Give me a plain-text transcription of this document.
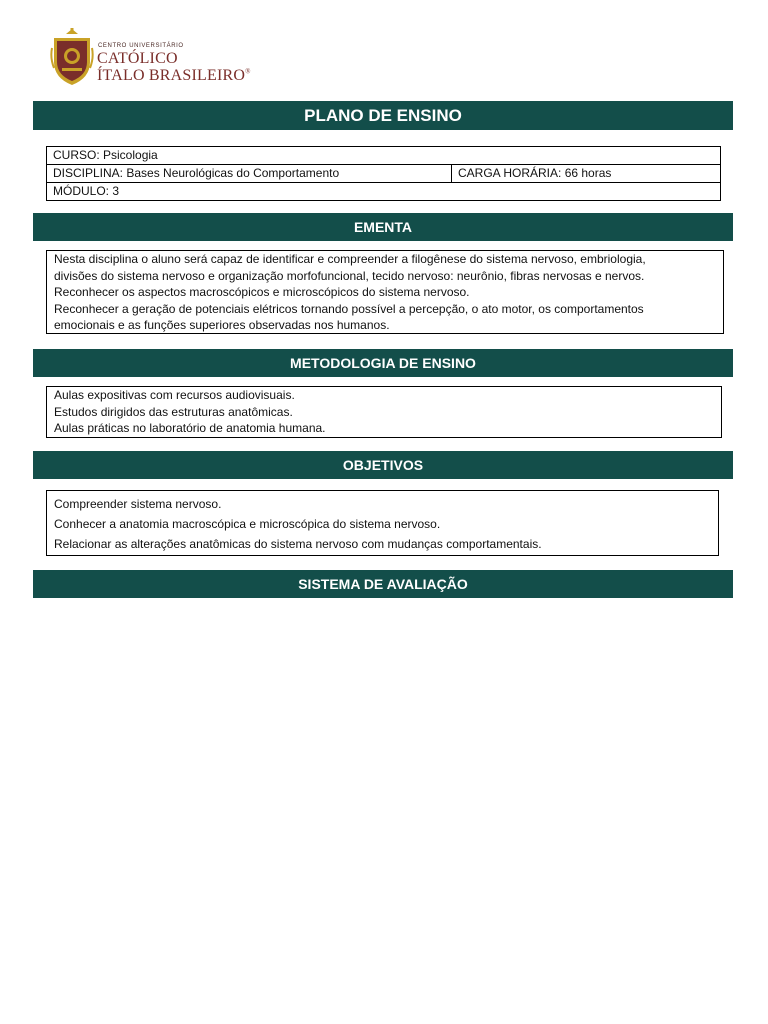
CENTRO UNIVERSITÁRIO
CATÓLICO
ÍTALO BRASILEIRO®
PLANO DE ENSINO
CURSO: Psicologia
DISCIPLINA: Bases Neurológicas do Comportamento	CARGA HORÁRIA: 66 horas
MÓDULO: 3
EMENTA
Nesta disciplina o aluno será capaz de identificar e compreender a filogênese do sistema nervoso, embriologia,
divisões do sistema nervoso e organização morfofuncional, tecido nervoso: neurônio, fibras nervosas e nervos.
Reconhecer os aspectos macroscópicos e microscópicos do sistema nervoso.
Reconhecer a geração de potenciais elétricos tornando possível a percepção, o ato motor, os comportamentos
emocionais e as funções superiores observadas nos humanos.
METODOLOGIA DE ENSINO
Aulas expositivas com recursos audiovisuais.
Estudos dirigidos das estruturas anatômicas.
Aulas práticas no laboratório de anatomia humana.
OBJETIVOS
Compreender sistema nervoso.
Conhecer a anatomia macroscópica e microscópica do sistema nervoso.
Relacionar as alterações anatômicas do sistema nervoso com mudanças comportamentais.
SISTEMA DE AVALIAÇÃO
